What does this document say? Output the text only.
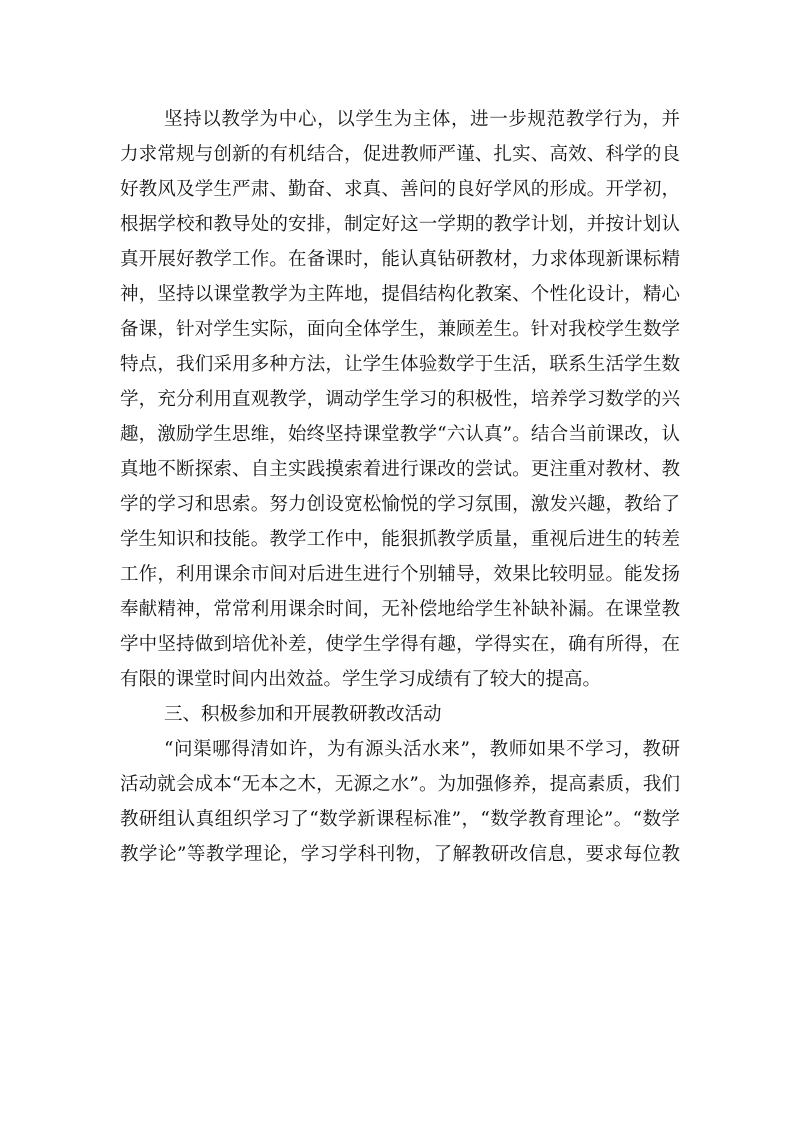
坚持以教学为中心，以学生为主体，进一步规范教学行为，并
力求常规与创新的有机结合，促进教师严谨、扎实、高效、科学的良
好教风及学生严肃、勤奋、求真、善问的良好学风的形成。开学初，
根据学校和教导处的安排，制定好这一学期的教学计划，并按计划认
真开展好教学工作。在备课时，能认真钻研教材，力求体现新课标精
神，坚持以课堂教学为主阵地，提倡结构化教案、个性化设计，精心
备课，针对学生实际，面向全体学生，兼顾差生。针对我校学生数学
特点，我们采用多种方法，让学生体验数学于生活，联系生活学生数
学，充分利用直观教学，调动学生学习的积极性，培养学习数学的兴
趣，激励学生思维，始终坚持课堂教学“六认真”。结合当前课改，认
真地不断探索、自主实践摸索着进行课改的尝试。更注重对教材、教
学的学习和思索。努力创设宽松愉悦的学习氛围，激发兴趣，教给了
学生知识和技能。教学工作中，能狠抓教学质量，重视后进生的转差
工作，利用课余市间对后进生进行个别辅导，效果比较明显。能发扬
奉献精神，常常利用课余时间，无补偿地给学生补缺补漏。在课堂教
学中坚持做到培优补差，使学生学得有趣，学得实在，确有所得，在
有限的课堂时间内出效益。学生学习成绩有了较大的提高。
三、积极参加和开展教研教改活动
“问渠哪得清如许，为有源头活水来”，教师如果不学习，教研
活动就会成本“无本之木，无源之水”。为加强修养，提高素质，我们
教研组认真组织学习了“数学新课程标准”，“数学教育理论”。“数学
教学论”等教学理论，学习学科刊物，了解教研改信息，要求每位教
